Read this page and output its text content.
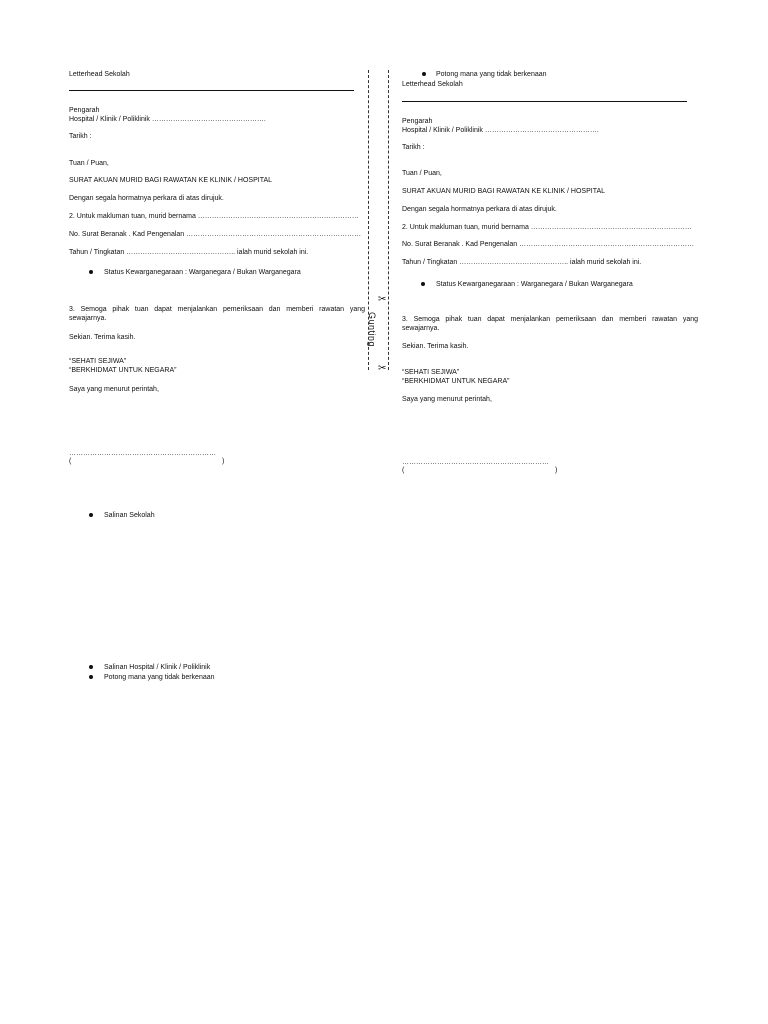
Letterhead Sekolah
Pengarah
Hospital / Klinik / Poliklinik ………………………………………….
Tarikh :
Tuan / Puan,
SURAT AKUAN MURID BAGI RAWATAN KE KLINIK / HOSPITAL
Dengan segala hormatnya perkara di atas dirujuk.
2. Untuk makluman tuan, murid bernama ……………………………………………………………
No. Surat Beranak . Kad Pengenalan …………………………………………………………………
Tahun / Tingkatan ……………………………………….. ialah murid sekolah ini.
Status Kewarganegaraan : Warganegara / Bukan Warganegara
3. Semoga pihak tuan dapat menjalankan pemeriksaan dan memberi rawatan yang sewajarnya.
Sekian. Terima kasih.
“SEHATI SEJIWA”
“BERKHIDMAT UNTUK NEGARA”
Saya yang menurut perintah,
………………………………………………………
(	)
✂
Gunting
✂
Potong mana yang tidak berkenaan
Letterhead Sekolah
Pengarah
Hospital / Klinik / Poliklinik ………………………………………….
Tarikh :
Tuan / Puan,
SURAT AKUAN MURID BAGI RAWATAN KE KLINIK / HOSPITAL
Dengan segala hormatnya perkara di atas dirujuk.
2. Untuk makluman tuan, murid bernama ……………………………………………………………
No. Surat Beranak . Kad Pengenalan …………………………………………………………………
Tahun / Tingkatan ……………………………………….. ialah murid sekolah ini.
Status Kewarganegaraan : Warganegara / Bukan Warganegara
3. Semoga pihak tuan dapat menjalankan pemeriksaan dan memberi rawatan yang sewajarnya.
Sekian. Terima kasih.
“SEHATI SEJIWA”
“BERKHIDMAT UNTUK NEGARA”
Saya yang menurut perintah,
………………………………………………………
(	)
Salinan Sekolah
Salinan Hospital / Klinik / Poliklinik
Potong mana yang tidak berkenaan
